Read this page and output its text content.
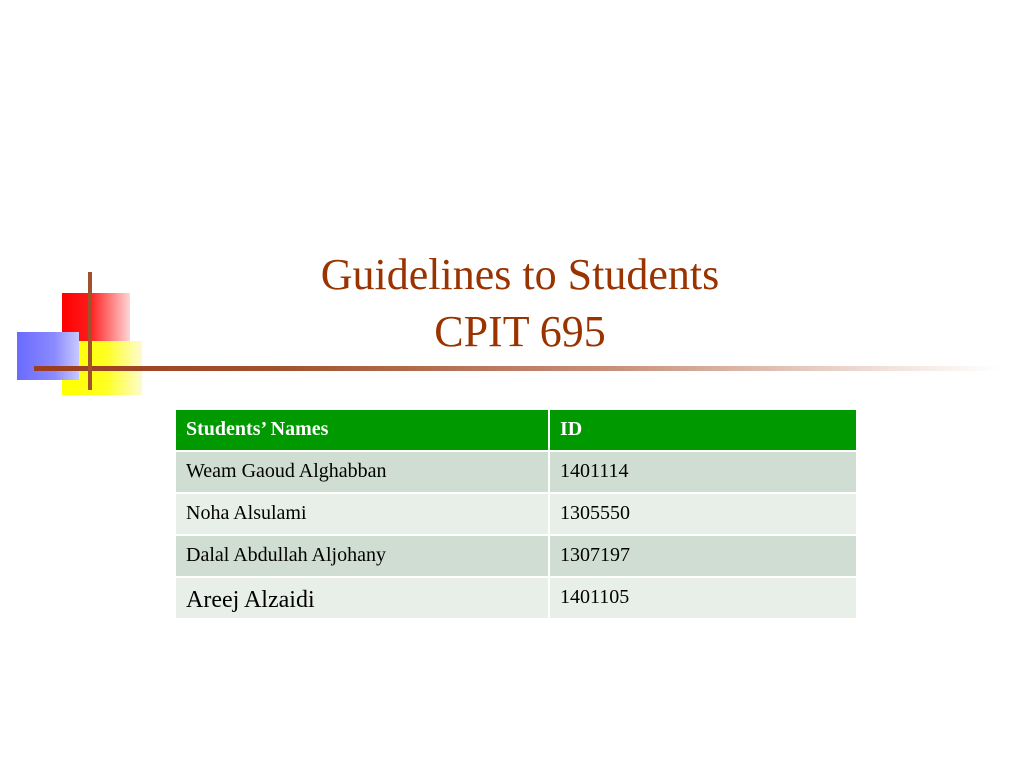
Guidelines to Students
CPIT 695
Students’ Names	ID
Weam Gaoud Alghabban	1401114
Noha Alsulami	1305550
Dalal Abdullah Aljohany	1307197
Areej Alzaidi	1401105
